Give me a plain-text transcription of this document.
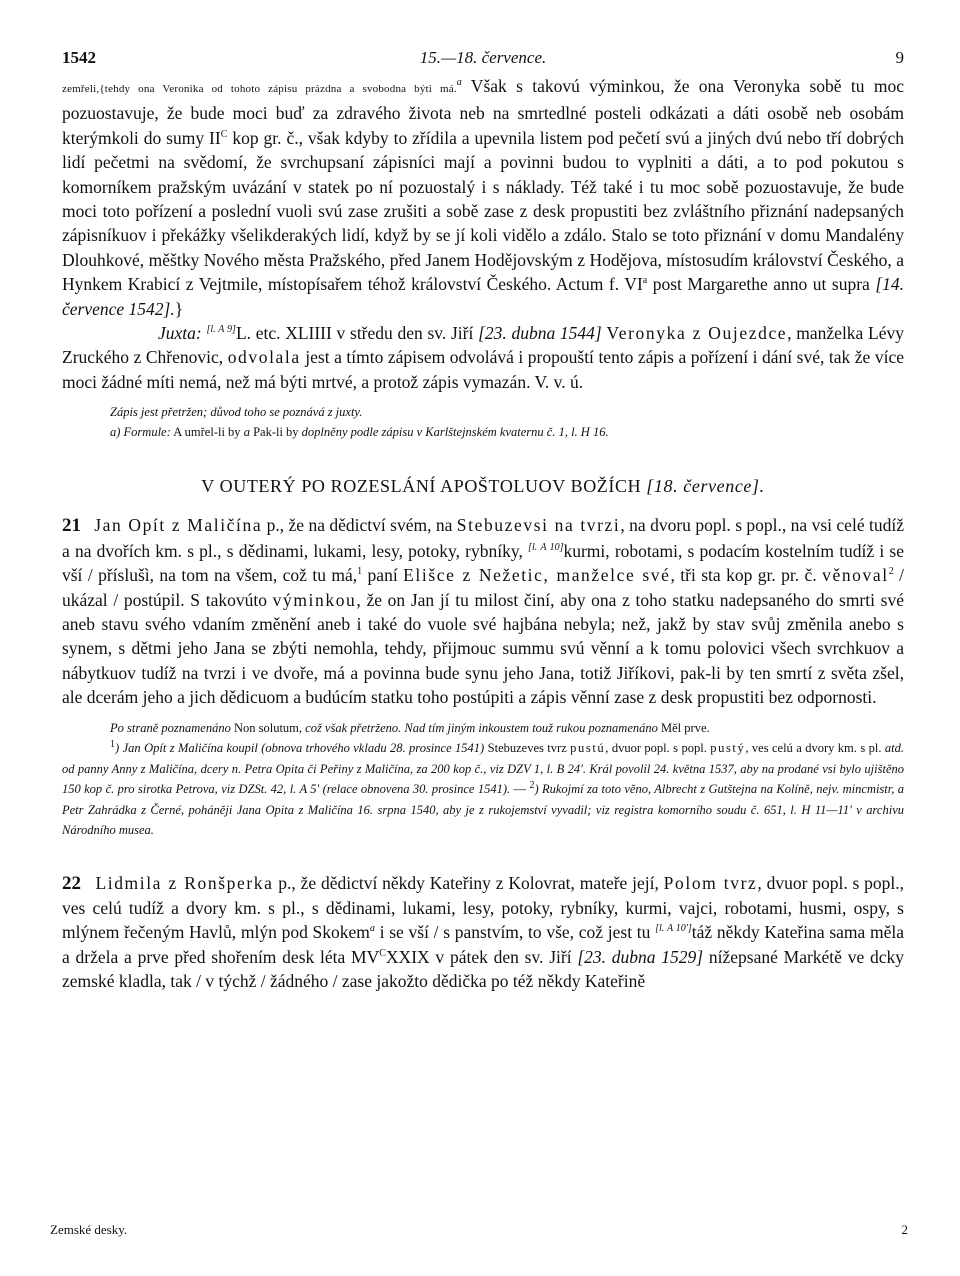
1542	15.—18. července.	9

zemřeli,{tehdy ona Veronika od tohoto zápisu prázdna a svobodna býti má.$^a$ Však s takovú výminkou, že ona Veronyka sobě tu moc pozuostavuje, že bude moci buď za zdravého života neb na smrtedlné posteli odkázati a dáti osobě neb osobám kterýmkoli do sumy $II^C$ kop gr. č., však kdyby to zřídila a upevnila listem pod pečetí svú a jiných dvú nebo tří dobrých lidí pečetmi na svědomí, že svrchupsaní zápisníci mají a povinni budou to vyplniti a dáti, a to pod pokutou s komorníkem pražským uvázání v statek po ní pozuostalý i s náklady. Též také i tu moc sobě pozuostavuje, že bude moci toto pořízení a poslední vuoli svú zase zrušiti a sobě zase z desk propustiti bez zvláštního přiznání nadepsaných zápisníkuov i překážky všelikderakých lidí, když by se jí koli vidělo a zdálo. Stalo se toto přiznání v domu Mandalény Dlouhkové, měštky Nového města Pražského, před Janem Hodějovským z Hodějova, místosudím království Českého, a Hynkem Krabicí z Vejtmile, místopísařem téhož království Českého. Actum f. $VI^a$ post Margarethe anno ut supra [14. července 1542].}

Juxta: [l. A 9]L. etc. XLIIII v středu den sv. Jiří [23. dubna 1544] Veronyka z Oujezdce, manželka Lévy Zruckého z Chřenovic, odvolala jest a tímto zápisem odvolává i propouští tento zápis a pořízení i dání své, tak že více moci žádné míti nemá, než má býti mrtvé, a protož zápis vymazán. V. v. ú.

Zápis jest přetržen; důvod toho se poznává z juxty.

a) Formule: A umřel-li by a Pak-li by doplněny podle zápisu v Karlštejnském kvaternu č. 1, l. H 16.

V OUTERÝ PO ROZESLÁNÍ APOŠTOLUOV BOŽÍCH [18. července].

21 Jan Opít z Maličína p., že na dědictví svém, na Stebuzevsi na tvrzi, na dvoru popl. s popl., na vsi celé tudíž a na dvořích km. s pl., s dědinami, lukami, lesy, potoky, rybníky, [l. A 10]kurmi, robotami, s podacím kostelním tudíž i se vší / příslušì, na tom na všem, což tu má,$^1$ paní Elišce z Nežetic, manželce své, tři sta kop gr. pr. č. věnoval$^2$ / ukázal / postúpil. S takovúto výminkou, že on Jan jí tu milost činí, aby ona z toho statku nadepsaného do smrti své aneb stavu svého vdaním změnění aneb i také do vuole své hajbána nebyla; než, jakž by stav svůj změnila anebo s synem, s dětmi jeho Jana se zbýti nemohla, tehdy, přijmouc summu svú věnní a k tomu polovici všech svrchkuov a nábytkuov tudíž na tvrzi i ve dvoře, má a povinna bude synu jeho Jana, totiž Jiříkovi, pak-li by ten smrtí z světa zšel, ale dcerám jeho a jich dědicuom a budúcím statku toho postúpiti a zápis věnní zase z desk propustiti bez odpornosti.

Po straně poznamenáno Non solutum, což však přetrženo. Nad tím jiným inkoustem touž rukou poznamenáno Měl prve.

$^1$) Jan Opít z Maličína koupil (obnova trhového vkladu 28. prosince 1541) Stebuzeves tvrz pustú, dvuor popl. s popl. pustý, ves celú a dvory km. s pl. atd. od panny Anny z Maličína, dcery n. Petra Opita či Peřiny z Maličína, za 200 kop č., viz DZV 1, l. B 24'. Král povolil 24. května 1537, aby na prodané vsi bylo ujištěno 150 kop č. pro sirotka Petrova, viz DZSt. 42, l. A 5' (relace obnovena 30. prosince 1541). — $^2$) Rukojmí za toto věno, Albrecht z Gutštejna na Kolíně, nejv. mincmistr, a Petr Zahrádka z Černé, poháněji Jana Opita z Maličína 16. srpna 1540, aby je z rukojemství vyvadil; viz registra komorního soudu č. 651, l. H 11—11' v archivu Národního musea.

22 Lidmila z Ronšperka p., že dědictví někdy Kateřiny z Kolovrat, mateře její, Polom tvrz, dvuor popl. s popl., ves celú tudíž a dvory km. s pl., s dědinami, lukami, lesy, potoky, rybníky, kurmi, vajci, robotami, husmi, ospy, s mlýnem řečeným Havlů, mlýn pod Skokem$^a$ i se vší / s panstvím, to vše, což jest tu [l. A 10']táž někdy Kateřina sama měla a držela a prve před shořením desk léta $MV^CXXIX$ v pátek den sv. Jiří [23. dubna 1529] nížepsané Markétě ve dcky zemské kladla, tak / v týchž / žádného / zase jakožto dědička po též někdy Kateřině

Zemské desky.	2
